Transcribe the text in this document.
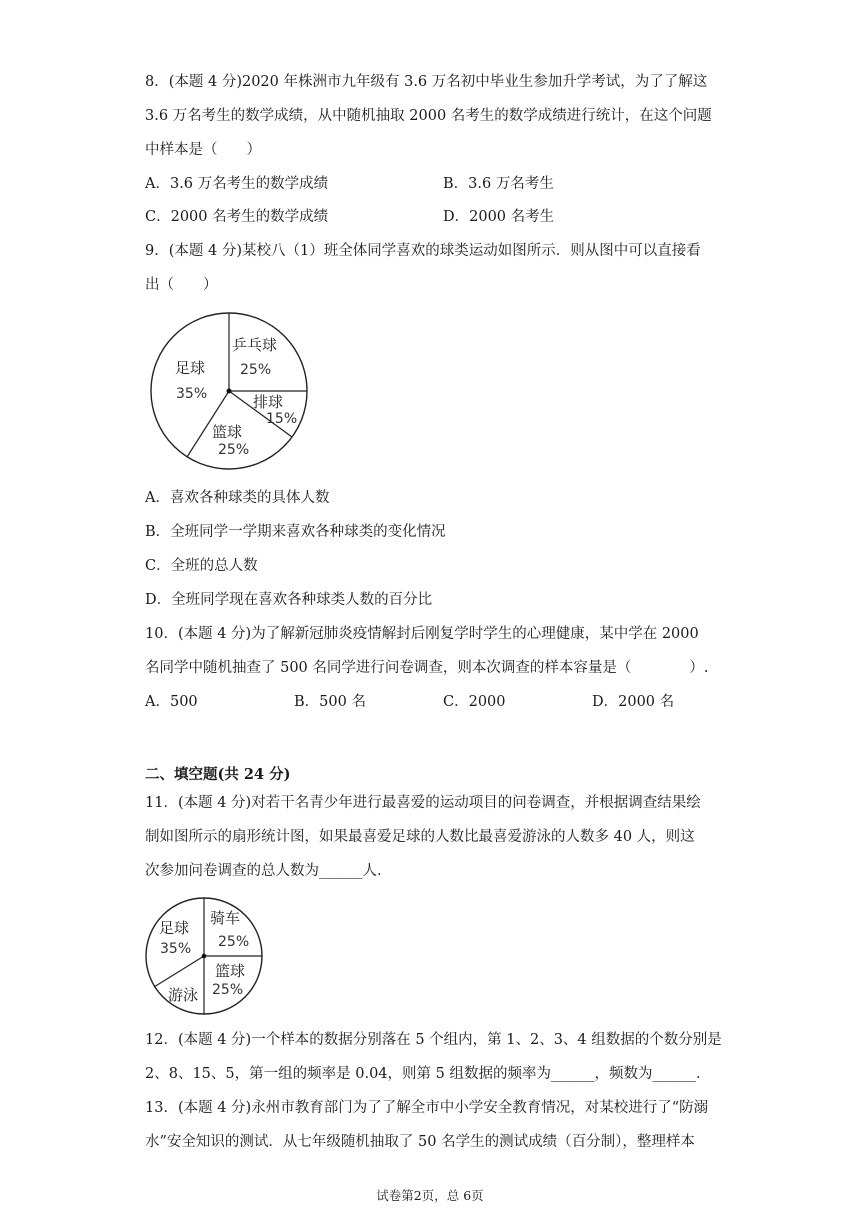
8．(本题 4 分)2020 年株洲市九年级有 3.6 万名初中毕业生参加升学考试，为了了解这
3.6 万名考生的数学成绩，从中随机抽取 2000 名考生的数学成绩进行统计，在这个问题
中样本是（　　）
A．3.6 万名考生的数学成绩	B．3.6 万名考生
C．2000 名考生的数学成绩	D．2000 名考生
9．(本题 4 分)某校八（1）班全体同学喜欢的球类运动如图所示．则从图中可以直接看
出（　　）
乒乓球
25%
排球
15%
篮球
25%
足球
35%
A．喜欢各种球类的具体人数
B．全班同学一学期来喜欢各种球类的变化情况
C．全班的总人数
D．全班同学现在喜欢各种球类人数的百分比
10．(本题 4 分)为了解新冠肺炎疫情解封后刚复学时学生的心理健康，某中学在 2000
名同学中随机抽查了 500 名同学进行问卷调查，则本次调查的样本容量是（　　　　）.
A．500	B．500 名	C．2000	D．2000 名
二、填空题(共 24 分)
11．(本题 4 分)对若干名青少年进行最喜爱的运动项目的问卷调查，并根据调查结果绘
制如图所示的扇形统计图，如果最喜爱足球的人数比最喜爱游泳的人数多 40 人，则这
次参加问卷调查的总人数为______人．
骑车
25%
篮球
25%
游泳
足球
35%
12．(本题 4 分)一个样本的数据分别落在 5 个组内，第 1、2、3、4 组数据的个数分别是
2、8、15、5，第一组的频率是 0.04，则第 5 组数据的频率为______，频数为______．
13．(本题 4 分)永州市教育部门为了了解全市中小学安全教育情况，对某校进行了“防溺
水”安全知识的测试．从七年级随机抽取了 50 名学生的测试成绩（百分制），整理样本
试卷第2页，总 6页
